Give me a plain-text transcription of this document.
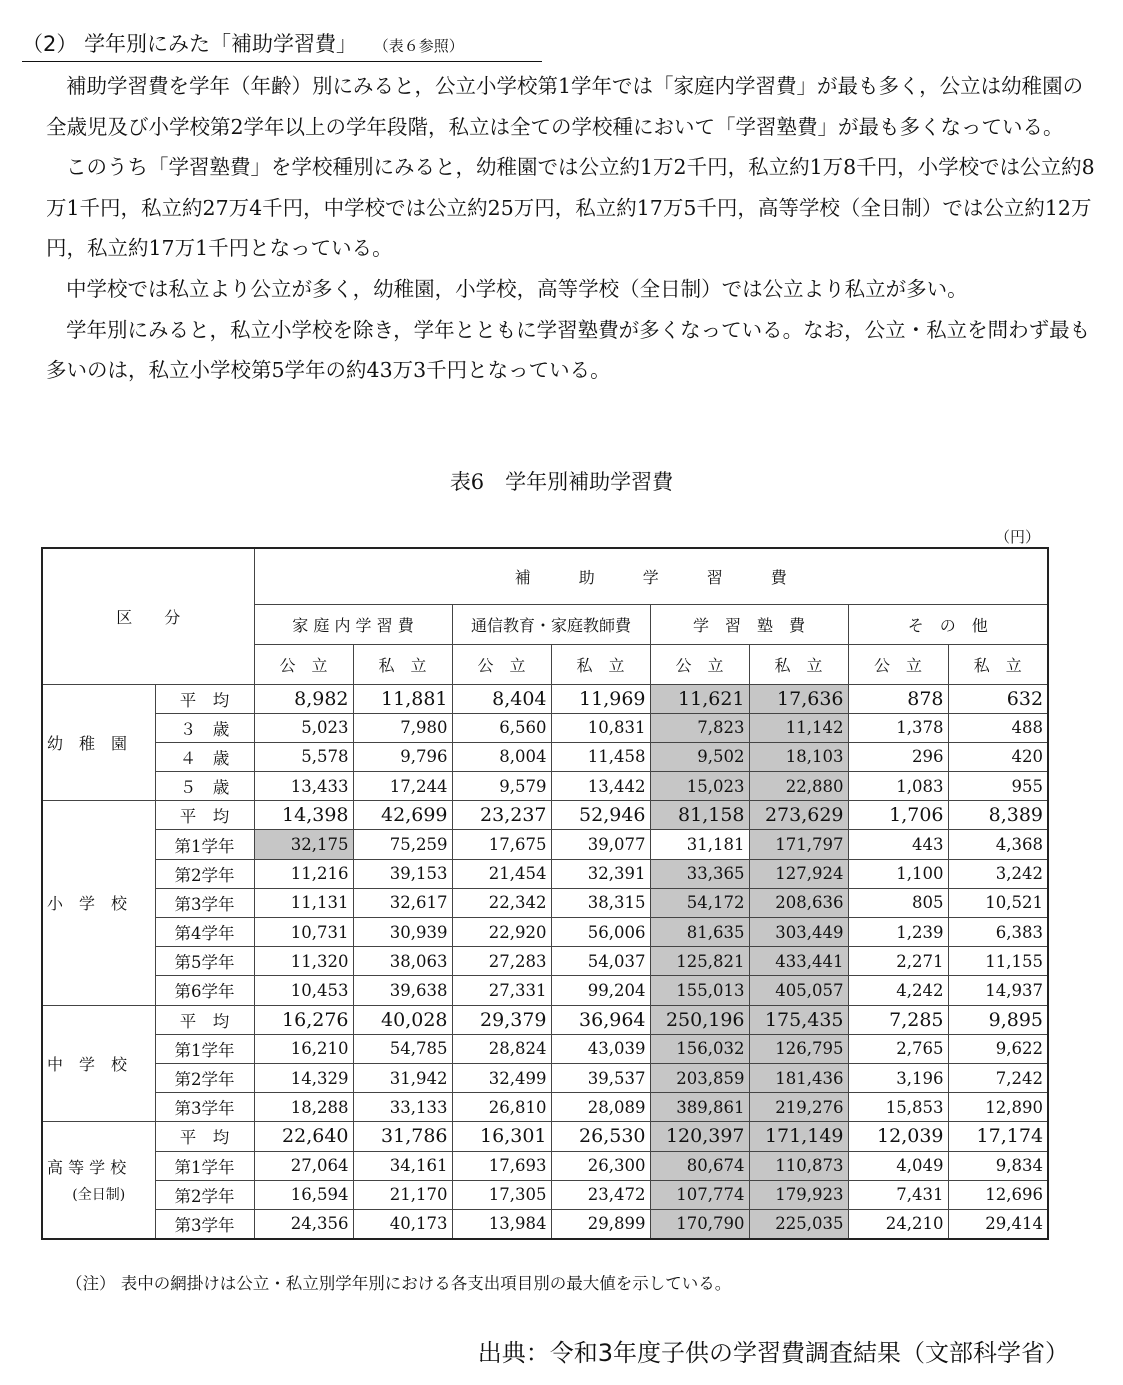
（2） 学年別にみた「補助学習費」 （表６参照）

補助学習費を学年（年齢）別にみると，公立小学校第1学年では「家庭内学習費」が最も多く，公立は幼稚園の全歳児及び小学校第2学年以上の学年段階，私立は全ての学校種において「学習塾費」が最も多くなっている。

このうち「学習塾費」を学校種別にみると，幼稚園では公立約1万2千円，私立約1万8千円，小学校では公立約8万1千円，私立約27万4千円，中学校では公立約25万円，私立約17万5千円，高等学校（全日制）では公立約12万円，私立約17万1千円となっている。

中学校では私立より公立が多く，幼稚園，小学校，高等学校（全日制）では公立より私立が多い。

学年別にみると，私立小学校を除き，学年とともに学習塾費が多くなっている。なお，公立・私立を問わず最も多いのは，私立小学校第5学年の約43万3千円となっている。

表6　学年別補助学習費
（円）
区　　分		補　　　助　　　学　　　習　　　費							
		家 庭 内 学 習 費		通信教育・家庭教師費		学　習　塾　費		そ　の　他	
		公　立	私　立	公　立	私　立	公　立	私　立	公　立	私　立

幼　稚　園	平　均	8,982	11,881	8,404	11,969	11,621	17,636	878	632
	３　歳	5,023	7,980	6,560	10,831	7,823	11,142	1,378	488
	４　歳	5,578	9,796	8,004	11,458	9,502	18,103	296	420
	５　歳	13,433	17,244	9,579	13,442	15,023	22,880	1,083	955

小　学　校	平　均	14,398	42,699	23,237	52,946	81,158	273,629	1,706	8,389
	第1学年	32,175	75,259	17,675	39,077	31,181	171,797	443	4,368
	第2学年	11,216	39,153	21,454	32,391	33,365	127,924	1,100	3,242
	第3学年	11,131	32,617	22,342	38,315	54,172	208,636	805	10,521
	第4学年	10,731	30,939	22,920	56,006	81,635	303,449	1,239	6,383
	第5学年	11,320	38,063	27,283	54,037	125,821	433,441	2,271	11,155
	第6学年	10,453	39,638	27,331	99,204	155,013	405,057	4,242	14,937

中　学　校	平　均	16,276	40,028	29,379	36,964	250,196	175,435	7,285	9,895
	第1学年	16,210	54,785	28,824	43,039	156,032	126,795	2,765	9,622
	第2学年	14,329	31,942	32,499	39,537	203,859	181,436	3,196	7,242
	第3学年	18,288	33,133	26,810	28,089	389,861	219,276	15,853	12,890

高 等 学 校
(全日制)	平　均	22,640	31,786	16,301	26,530	120,397	171,149	12,039	17,174
	第1学年	27,064	34,161	17,693	26,300	80,674	110,873	4,049	9,834
	第2学年	16,594	21,170	17,305	23,472	107,774	179,923	7,431	12,696
	第3学年	24,356	40,173	13,984	29,899	170,790	225,035	24,210	29,414
（注） 表中の網掛けは公立・私立別学年別における各支出項目別の最大値を示している。
出典：令和3年度子供の学習費調査結果（文部科学省）
